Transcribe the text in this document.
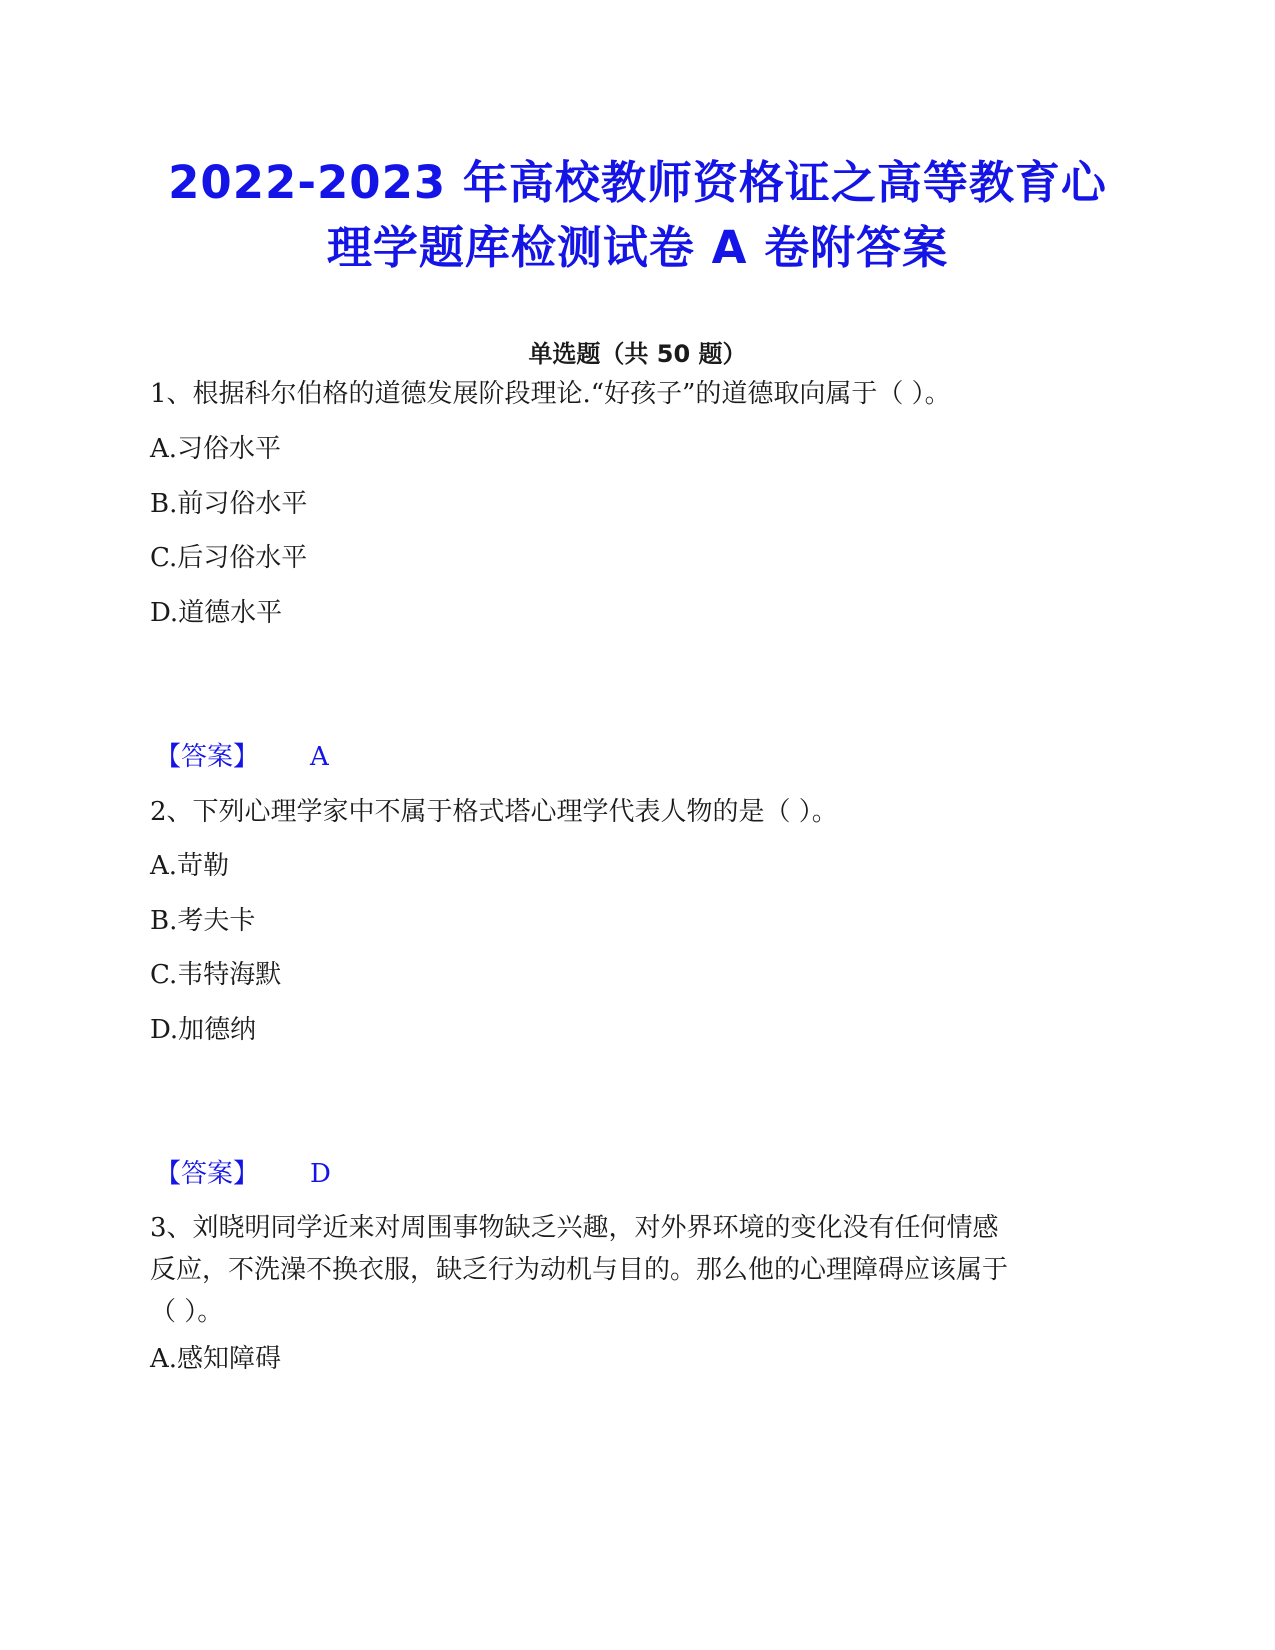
2022-2023 年高校教师资格证之高等教育心
理学题库检测试卷 A 卷附答案
单选题（共 50 题）
1、根据科尔伯格的道德发展阶段理论.“好孩子”的道德取向属于（ ）。
A.习俗水平
B.前习俗水平
C.后习俗水平
D.道德水平
【答案】 A
2、下列心理学家中不属于格式塔心理学代表人物的是（ ）。
A.苛勒
B.考夫卡
C.韦特海默
D.加德纳
【答案】 D
3、刘晓明同学近来对周围事物缺乏兴趣，对外界环境的变化没有任何情感
反应，不洗澡不换衣服，缺乏行为动机与目的。那么他的心理障碍应该属于
（ ）。
A.感知障碍
